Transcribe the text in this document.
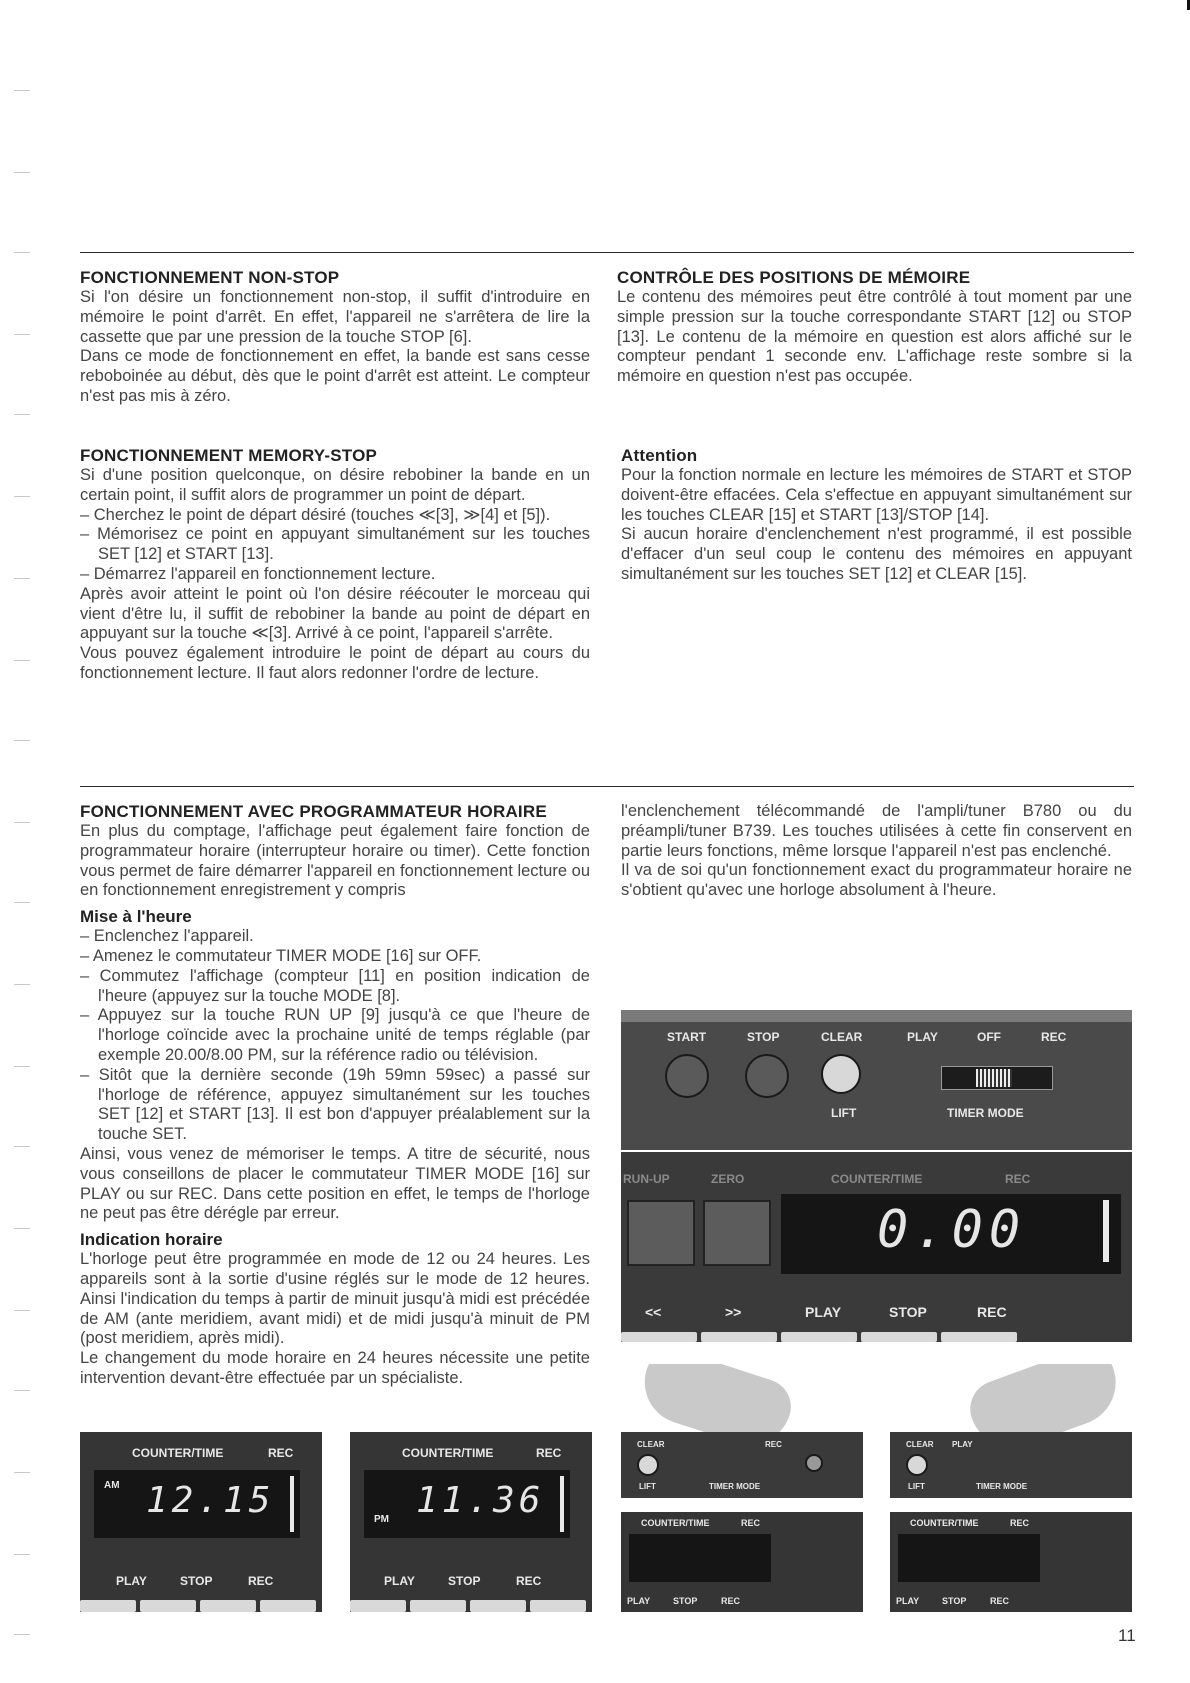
FONCTIONNEMENT NON-STOP

Si l'on désire un fonctionnement non-stop, il suffit d'introduire en mémoire le point d'arrêt. En effet, l'appareil ne s'arrêtera de lire la cassette que par une pression de la touche STOP [6].

Dans ce mode de fonctionnement en effet, la bande est sans cesse reboboinée au début, dès que le point d'arrêt est atteint. Le compteur n'est pas mis à zéro.

CONTRÔLE DES POSITIONS DE MÉMOIRE

Le contenu des mémoires peut être contrôlé à tout moment par une simple pression sur la touche correspondante START [12] ou STOP [13]. Le contenu de la mémoire en question est alors affiché sur le compteur pendant 1 seconde env. L'affichage reste sombre si la mémoire en question n'est pas occupée.

FONCTIONNEMENT MEMORY-STOP

Si d'une position quelconque, on désire rebobiner la bande en un certain point, il suffit alors de programmer un point de départ.

– Cherchez le point de départ désiré (touches ≪[3], ≫[4] et [5]).
– Mémorisez ce point en appuyant simultanément sur les touches SET [12] et START [13].
– Démarrez l'appareil en fonctionnement lecture.

Après avoir atteint le point où l'on désire réécouter le morceau qui vient d'être lu, il suffit de rebobiner la bande au point de départ en appuyant sur la touche ≪[3]. Arrivé à ce point, l'appareil s'arrête.

Vous pouvez également introduire le point de départ au cours du fonctionnement lecture. Il faut alors redonner l'ordre de lecture.

Attention

Pour la fonction normale en lecture les mémoires de START et STOP doivent-être effacées. Cela s'effectue en appuyant simultanément sur les touches CLEAR [15] et START [13]/STOP [14].

Si aucun horaire d'enclenchement n'est programmé, il est possible d'effacer d'un seul coup le contenu des mémoires en appuyant simultanément sur les touches SET [12] et CLEAR [15].

FONCTIONNEMENT AVEC PROGRAMMATEUR HORAIRE

En plus du comptage, l'affichage peut également faire fonction de programmateur horaire (interrupteur horaire ou timer). Cette fonction vous permet de faire démarrer l'appareil en fonctionnement lecture ou en fonctionnement enregistrement y compris

Mise à l'heure
– Enclenchez l'appareil.
– Amenez le commutateur TIMER MODE [16] sur OFF.
– Commutez l'affichage (compteur [11] en position indication de l'heure (appuyez sur la touche MODE [8].
– Appuyez sur la touche RUN UP [9] jusqu'à ce que l'heure de l'horloge coïncide avec la prochaine unité de temps réglable (par exemple 20.00/8.00 PM, sur la référence radio ou télévision.
– Sitôt que la dernière seconde (19h 59mn 59sec) a passé sur l'horloge de référence, appuyez simultanément sur les touches SET [12] et START [13]. Il est bon d'appuyer préalablement sur la touche SET.

Ainsi, vous venez de mémoriser le temps. A titre de sécurité, nous vous conseillons de placer le commutateur TIMER MODE [16] sur PLAY ou sur REC. Dans cette position en effet, le temps de l'horloge ne peut pas être dérégle par erreur.

Indication horaire

L'horloge peut être programmée en mode de 12 ou 24 heures. Les appareils sont à la sortie d'usine réglés sur le mode de 12 heures. Ainsi l'indication du temps à partir de minuit jusqu'à midi est précédée de AM (ante meridiem, avant midi) et de midi jusqu'à minuit de PM (post meridiem, après midi).

Le changement du mode horaire en 24 heures nécessite une petite intervention devant-être effectuée par un spécialiste.

l'enclenchement télécommandé de l'ampli/tuner B780 ou du préampli/tuner B739. Les touches utilisées à cette fin conservent en partie leurs fonctions, même lorsque l'appareil n'est pas enclenché.

Il va de soi qu'un fonctionnement exact du programmateur horaire ne s'obtient qu'avec une horloge absolument à l'heure.

START	STOP	CLEAR	PLAY	OFF	REC
LIFT	TIMER MODE
RUN-UP	ZERO	COUNTER/TIME	REC
0.00
<<	>>	PLAY	STOP	REC
COUNTER/TIME	REC
AM 12.15
PLAY	STOP	REC
COUNTER/TIME	REC
PM 11.36
PLAY	STOP	REC
CLEAR
LIFT
REC
TIMER MODE
COUNTER/TIME	REC
PLAY	STOP	REC
CLEAR PLAY
LIFT	TIMER MODE
COUNTER/TIME	REC
PLAY	STOP	REC
11
